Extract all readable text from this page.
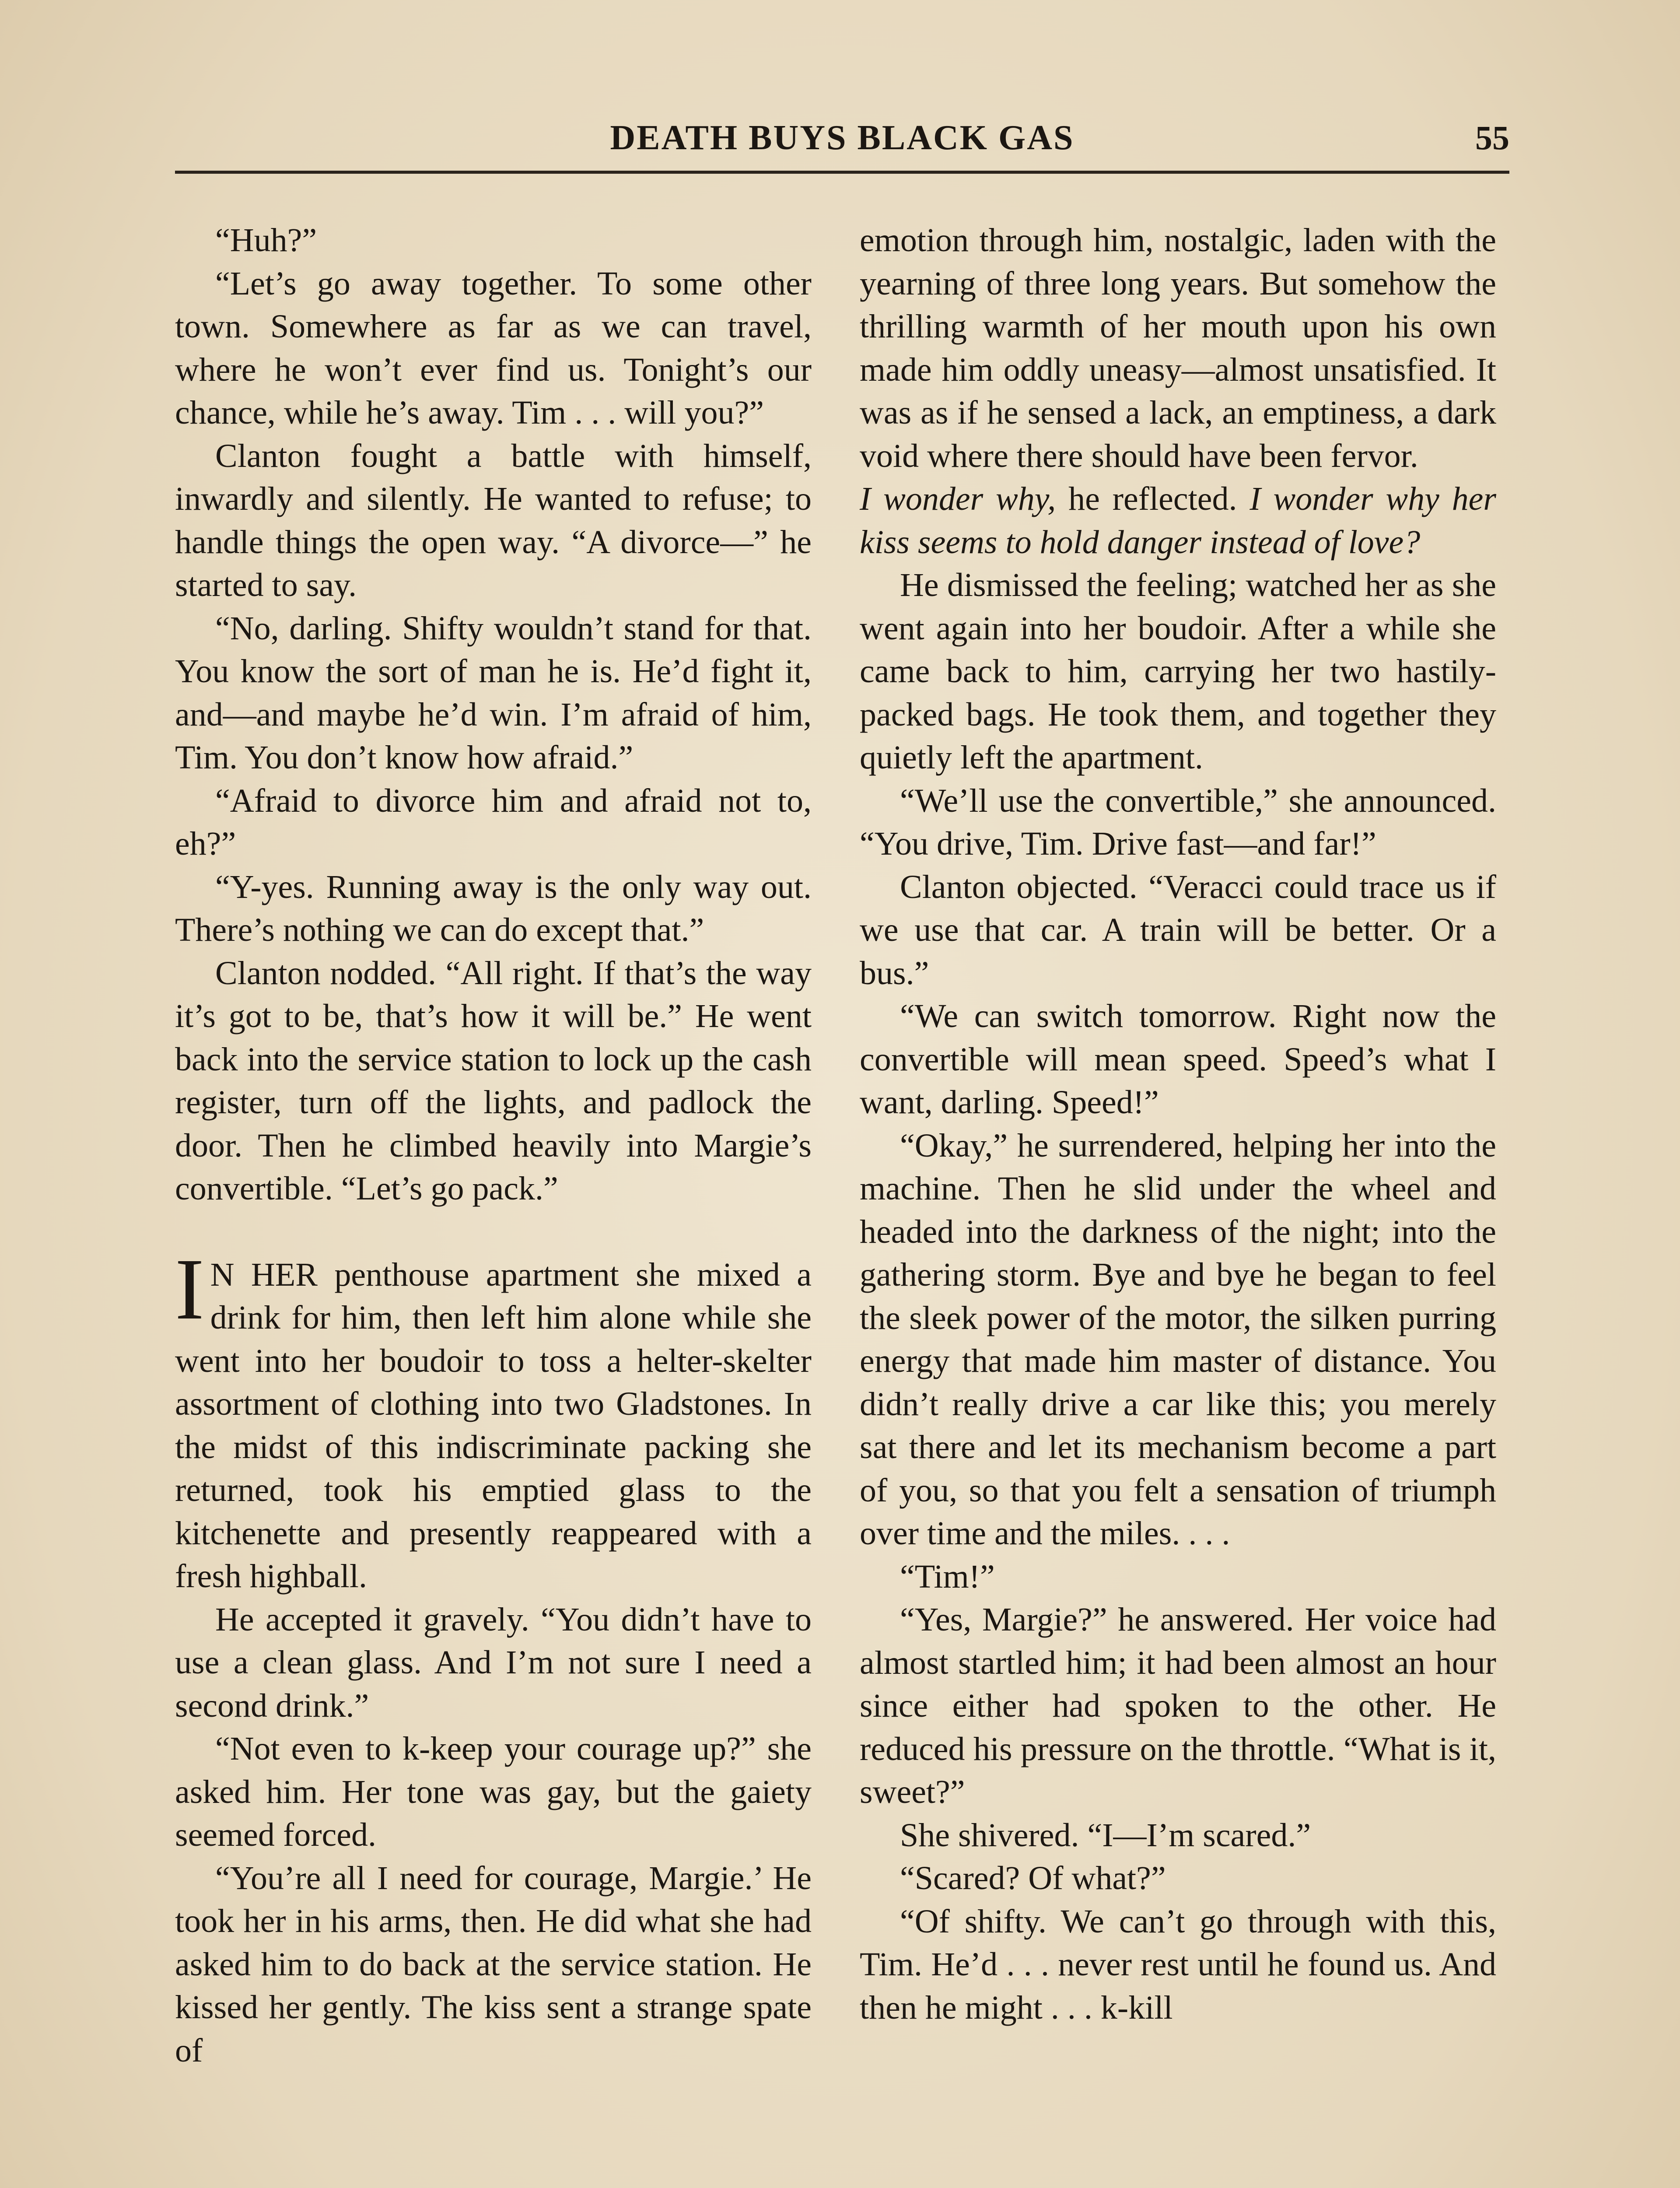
DEATH BUYS BLACK GAS	55

“Huh?”

“Let’s go away together. To some other town. Somewhere as far as we can travel, where he won’t ever find us. Tonight’s our chance, while he’s away. Tim . . . will you?”

Clanton fought a battle with himself, inwardly and silently. He wanted to refuse; to handle things the open way. “A divorce—” he started to say.

“No, darling. Shifty wouldn’t stand for that. You know the sort of man he is. He’d fight it, and—and maybe he’d win. I’m afraid of him, Tim. You don’t know how afraid.”

“Afraid to divorce him and afraid not to, eh?”

“Y-yes. Running away is the only way out. There’s nothing we can do except that.”

Clanton nodded. “All right. If that’s the way it’s got to be, that’s how it will be.” He went back into the service station to lock up the cash register, turn off the lights, and padlock the door. Then he climbed heavily into Margie’s convertible. “Let’s go pack.”

I N HER penthouse apartment she mixed a drink for him, then left him alone while she went into her boudoir to toss a helter-skelter assortment of clothing into two Gladstones. In the midst of this indiscriminate packing she returned, took his emptied glass to the kitchenette and presently reappeared with a fresh highball.

He accepted it gravely. “You didn’t have to use a clean glass. And I’m not sure I need a second drink.”

“Not even to k-keep your courage up?” she asked him. Her tone was gay, but the gaiety seemed forced.

“You’re all I need for courage, Margie.’ He took her in his arms, then. He did what she had asked him to do back at the service station. He kissed her gently. The kiss sent a strange spate of

emotion through him, nostalgic, laden with the yearning of three long years. But somehow the thrilling warmth of her mouth upon his own made him oddly uneasy—almost unsatisfied. It was as if he sensed a lack, an emptiness, a dark void where there should have been fervor.

I wonder why, he reflected. I wonder why her kiss seems to hold danger instead of love?

He dismissed the feeling; watched her as she went again into her boudoir. After a while she came back to him, carrying her two hastily-packed bags. He took them, and together they quietly left the apartment.

“We’ll use the convertible,” she announced. “You drive, Tim. Drive fast—and far!”

Clanton objected. “Veracci could trace us if we use that car. A train will be better. Or a bus.”

“We can switch tomorrow. Right now the convertible will mean speed. Speed’s what I want, darling. Speed!”

“Okay,” he surrendered, helping her into the machine. Then he slid under the wheel and headed into the darkness of the night; into the gathering storm. Bye and bye he began to feel the sleek power of the motor, the silken purring energy that made him master of distance. You didn’t really drive a car like this; you merely sat there and let its mechanism become a part of you, so that you felt a sensation of triumph over time and the miles. . . .

“Tim!”

“Yes, Margie?” he answered. Her voice had almost startled him; it had been almost an hour since either had spoken to the other. He reduced his pressure on the throttle. “What is it, sweet?”

She shivered. “I—I’m scared.”

“Scared? Of what?”

“Of shifty. We can’t go through with this, Tim. He’d . . . never rest until he found us. And then he might . . . k-kill
